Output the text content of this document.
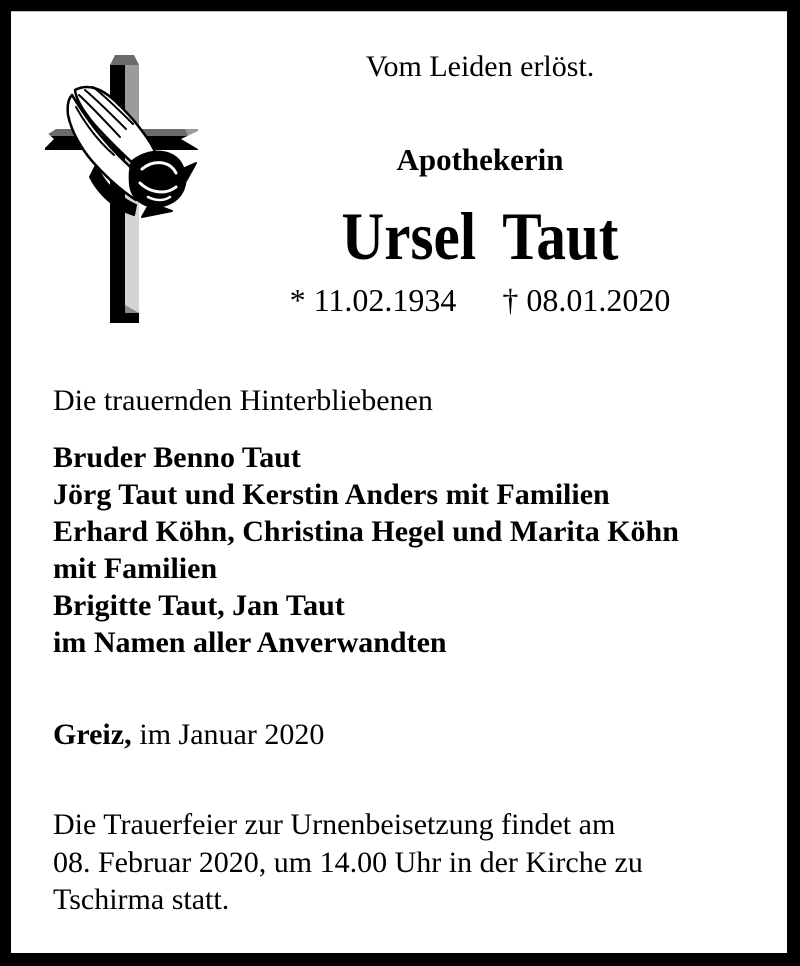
Vom Leiden erlöst.
Apothekerin
Ursel Taut
* 11.02.1934 † 08.01.2020
Die trauernden Hinterbliebenen
Bruder Benno Taut
Jörg Taut und Kerstin Anders mit Familien
Erhard Köhn, Christina Hegel und Marita Köhn
mit Familien
Brigitte Taut, Jan Taut
im Namen aller Anverwandten
Greiz, im Januar 2020
Die Trauerfeier zur Urnenbeisetzung findet am
08. Februar 2020, um 14.00 Uhr in der Kirche zu
Tschirma statt.
